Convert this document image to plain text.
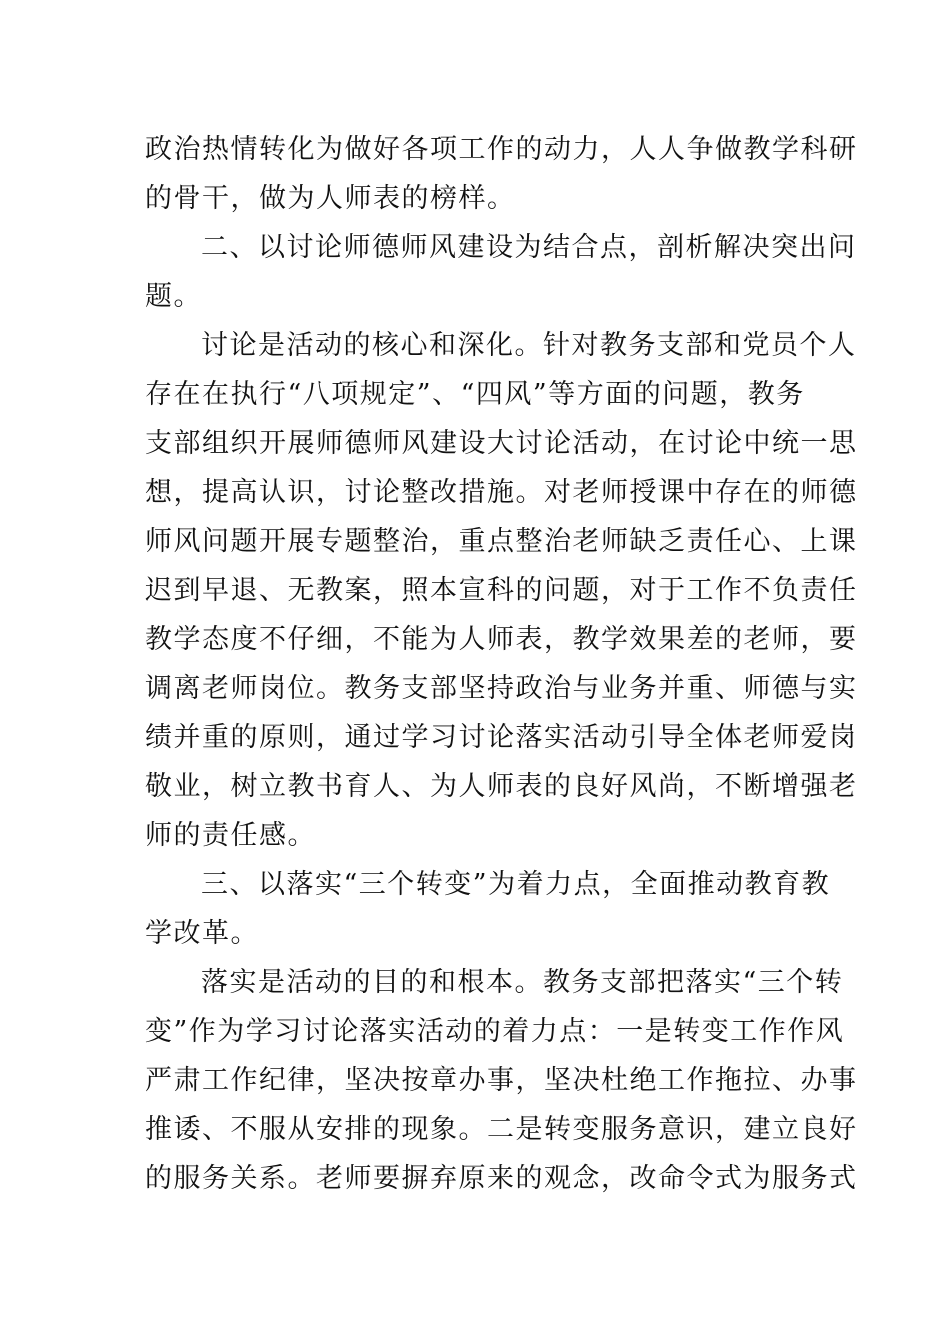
政治热情转化为做好各项工作的动力，人人争做教学科研
的骨干，做为人师表的榜样。
二、以讨论师德师风建设为结合点，剖析解决突出问
题。
讨论是活动的核心和深化。针对教务支部和党员个人
存在在执行“八项规定”、“四风”等方面的问题，教务
支部组织开展师德师风建设大讨论活动，在讨论中统一思
想，提高认识，讨论整改措施。对老师授课中存在的师德
师风问题开展专题整治，重点整治老师缺乏责任心、上课
迟到早退、无教案，照本宣科的问题，对于工作不负责任
教学态度不仔细，不能为人师表，教学效果差的老师，要
调离老师岗位。教务支部坚持政治与业务并重、师德与实
绩并重的原则，通过学习讨论落实活动引导全体老师爱岗
敬业，树立教书育人、为人师表的良好风尚，不断增强老
师的责任感。
三、以落实“三个转变”为着力点，全面推动教育教
学改革。
落实是活动的目的和根本。教务支部把落实“三个转
变”作为学习讨论落实活动的着力点：一是转变工作作风
严肃工作纪律，坚决按章办事，坚决杜绝工作拖拉、办事
推诿、不服从安排的现象。二是转变服务意识，建立良好
的服务关系。老师要摒弃原来的观念，改命令式为服务式
